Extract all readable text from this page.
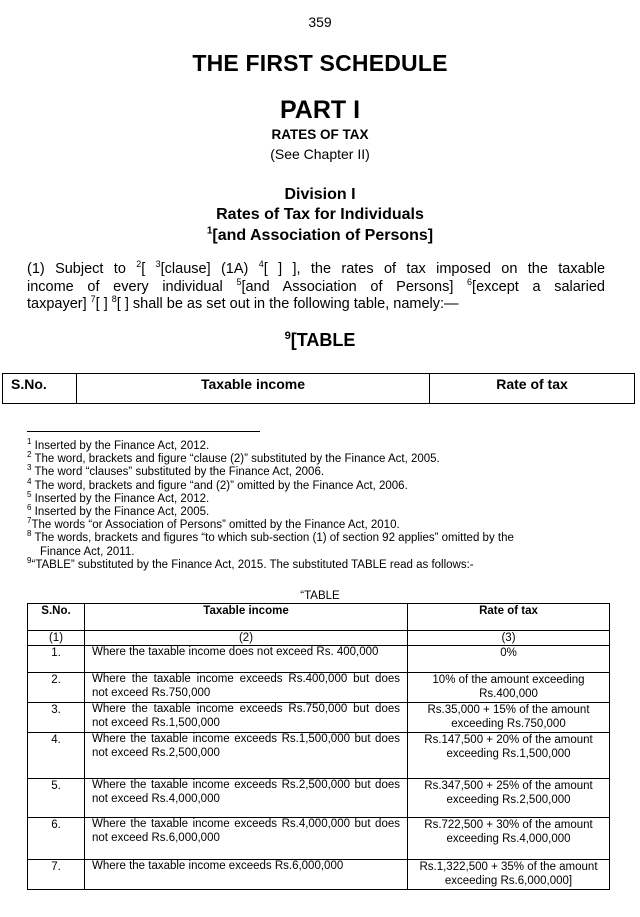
359
THE FIRST SCHEDULE
PART I
RATES OF TAX
(See Chapter II)
Division I
Rates of Tax for Individuals
$^1$[and Association of Persons]
(1) Subject to $^2$[ $^3$[clause] (1A) $^4$[ ] ], the rates of tax imposed on the taxable
income of every individual $^5$[and Association of Persons] $^6$[except a salaried
taxpayer] $^7$[ ] $^8$[ ] shall be as set out in the following table, namely:—
$^9$[TABLE
S.No.	Taxable income	Rate of tax
$^1$ Inserted by the Finance Act, 2012.
$^2$ The word, brackets and figure “clause (2)” substituted by the Finance Act, 2005.
$^3$ The word “clauses” substituted by the Finance Act, 2006.
$^4$ The word, brackets and figure “and (2)” omitted by the Finance Act, 2006.
$^5$ Inserted by the Finance Act, 2012.
$^6$ Inserted by the Finance Act, 2005.
$^7$The words “or Association of Persons” omitted by the Finance Act, 2010.
$^8$ The words, brackets and figures “to which sub-section (1) of section 92 applies” omitted by the
Finance Act, 2011.
$^9$“TABLE” substituted by the Finance Act, 2015. The substituted TABLE read as follows:-
“TABLE
S.No.	Taxable income	Rate of tax
(1)	(2)	(3)
1.	Where the taxable income does not exceed Rs. 400,000	0%

2.	Where the taxable income exceeds Rs.400,000 but does not exceed Rs.750,000	10% of the amount exceeding
Rs.400,000

3.	Where the taxable income exceeds Rs.750,000 but does not exceed Rs.1,500,000	Rs.35,000 + 15% of the amount
exceeding Rs.750,000

4.	Where the taxable income exceeds Rs.1,500,000 but does not exceed Rs.2,500,000	Rs.147,500 + 20% of the amount
exceeding Rs.1,500,000

5.	Where the taxable income exceeds Rs.2,500,000 but does not exceed Rs.4,000,000	Rs.347,500 + 25% of the amount
exceeding Rs.2,500,000

6.	Where the taxable income exceeds Rs.4,000,000 but does not exceed Rs.6,000,000	Rs.722,500 + 30% of the amount
exceeding Rs.4,000,000

7.	Where the taxable income exceeds Rs.6,000,000	Rs.1,322,500 + 35% of the amount
exceeding Rs.6,000,000]
